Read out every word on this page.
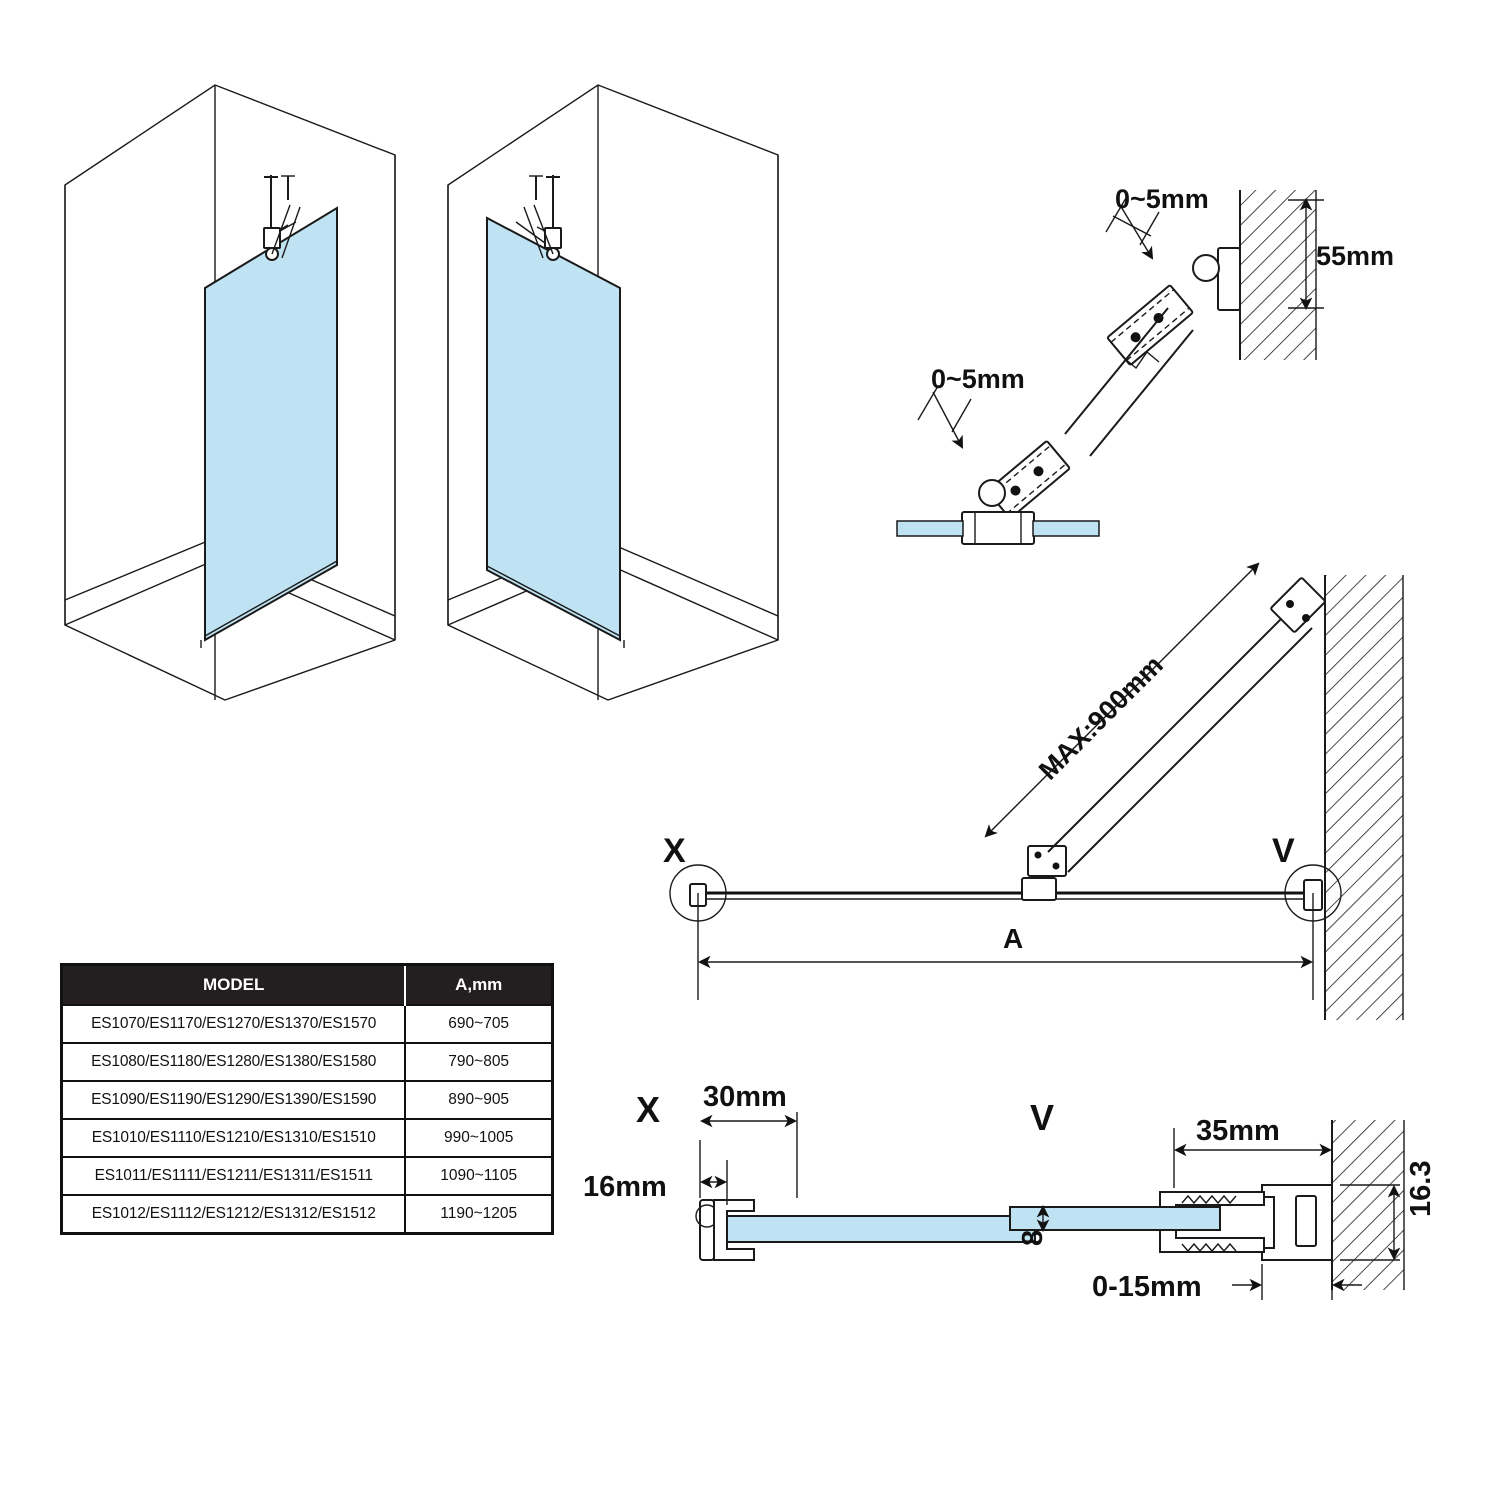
0~5mm
0~5mm
55mm
MAX:900mm
A
X	V
X 30mm
16mm
V	35mm
8
16.3
0-15mm
MODEL	A,mm
ES1070/ES1170/ES1270/ES1370/ES1570	690~705
ES1080/ES1180/ES1280/ES1380/ES1580	790~805
ES1090/ES1190/ES1290/ES1390/ES1590	890~905
ES1010/ES1110/ES1210/ES1310/ES1510	990~1005
ES1011/ES1111/ES1211/ES1311/ES1511	1090~1105
ES1012/ES1112/ES1212/ES1312/ES1512	1190~1205
